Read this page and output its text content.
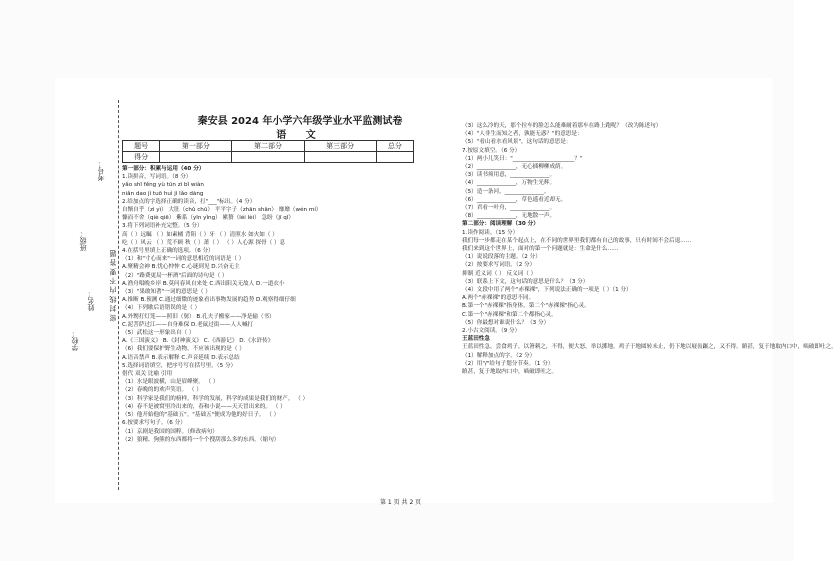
学校：
班级：
姓名：
考号：
密 封 线 内 不 要 答 题
秦安县 2024 年小学六年级学业水平监测试卷
语 文
题号	第一部分	第二部分	第三部分	总分
得分				
第一部分：积累与运用（40 分）
1.读拼音，写词语。（8 分）
yǎo shī fěng yù tūn zì bǐ wiàn
niǎn dao jì tuō huì jì lǎo dàng
2.给加点的字选择正确的读音，打"___"标出。（4 分）
自惭自乎（zì yì） 大肚（chǔ chū） 平平字子（zhān shān） 靡靡（wén mí）
慷而不舍（qiè qiē） 紫系（yīn yǐng） 累赘（léi lèi） 急盼（jī qǐ）
3.将下列词语补充完整。（5 分）
高（ ）远瞩 （ ）如素橘 背阻（ ）牙 （ ）清照水 如火如（ ）
吃（ ）风云 （ ）荒不顾 秋（ ）萧（ ） （ ）人心源 探骨（ ）息
4.在括号里填上正确的选项。（6 分）
（1）和"寸心而来"一词的意思相近的词语是（ ）
A.聚精会神 B.忧心忡忡 C.心谜到见 D.兴奋无主
（2）"路费更局一杯酒"后面的诗句是（ ）
A.渔舟唱晚乡岸 B.莫问春风自来处 C.西出阳关无故人 D.一道衣小
（3）"果敢知著"一词的意思是（ ）
A.推断 B.预测 C.通过细微的迹象看出事物发展的趋势 D.观察得细仔细
（4）下列歇后语错误的是（ ）
A.外甥打灯笼——照旧（舅） B.孔夫子搬家——净是输（书）
C.泥菩萨过江——自身难保 D.老鼠过街——人人喊打
（5）武松这一形象出自（ ）
A.《三国演义》 B.《封神演义》 C.《西游记》 D.《水浒传》
（6）我们要保护野生动物，不应该出现的是（ ）
A.语音禁声 B.表示解释 C.声音延续 D.表示总结
5.选择词语填空，把序号写在括号里。（5 分）
借代 双关 比喻 引用
（1）水是眼波横，山是眉峰聚。 （ ）
（2）春晚的的欢声笑语。 （ ）
（3）科学家是我们的榜样，科学的发展，科学的成果是我们的财产。 （ ）
（4）春不是被窝里冷出来的，春和小说——天天冒出来的。 （ ）
（5）他开始他的"基础五"。"基础五"便成为他的好日子。 （ ）
6.按要求写句子。（6 分）
（1）京剧是我国的国粹。（修改病句）
（2）狼精、狗熊的东西都将一个个搜刮那么多的东西。（缩句）
（3）这么冷的天，那个拉车的脸怎么能难耐着那车在路上跑呢？（改为陈述句）
（4）"人非生而知之者，孰能无惑？"的意思是：
（5）"看山看水看风景"，这句话的意思是：
7.按原文填空。（6 分）
（1）两小儿笑曰："______________________？"
（2）______________，无心插柳柳成荫。
（3）读书须用意，______________。
（4）______________，万物生光辉。
（5）造一条河，______________。
（6）______________，草色遥看近却无。
（7）君看一叶舟，______________。
（8）______________，无地散一声。
第二部分：阅读理解（30 分）
1.读作阅读。（15 分）
我们每一步都走在某个起点上，在不同的世界里我们都有自己的故事，只有时间不会后退……
我们来到这个世界上，面对的第一个问题就是：生命是什么……
（1）说说段落的主题。（2 分）
（2）按要求写词语。（2 分）
抑制 近义词（ ） 反义词（ ）
（3）联系上下文，这句话的意思是什么？（3 分）
（4）文段中用了两个"赤裸裸"，下列说法正确的一项是（ ）（1 分）
A.两个"赤裸裸"的意思不同。
B.第一个"赤裸裸"指身体，第二个"赤裸裸"指心灵。
C.第一个"赤裸裸"和第二个都指心灵。
（5）你最想对谁说什么？（3 分）
2.小古文阅读。（9 分）
王蓝田性急
王蓝田性急。尝食鸡子，以箸刺之，不得，便大怒，举以掷地。鸡子于地圆转未止，仍下地以屐齿蹍之，又不得。瞋甚，复于地取内口中，啮破即吐之。
（1）解释加点的字。（2 分）
（2）用"/"给句子划分节奏。（1 分）
瞋甚，复于地取内口中，啮破即吐之。
第 1 页 共 2 页
